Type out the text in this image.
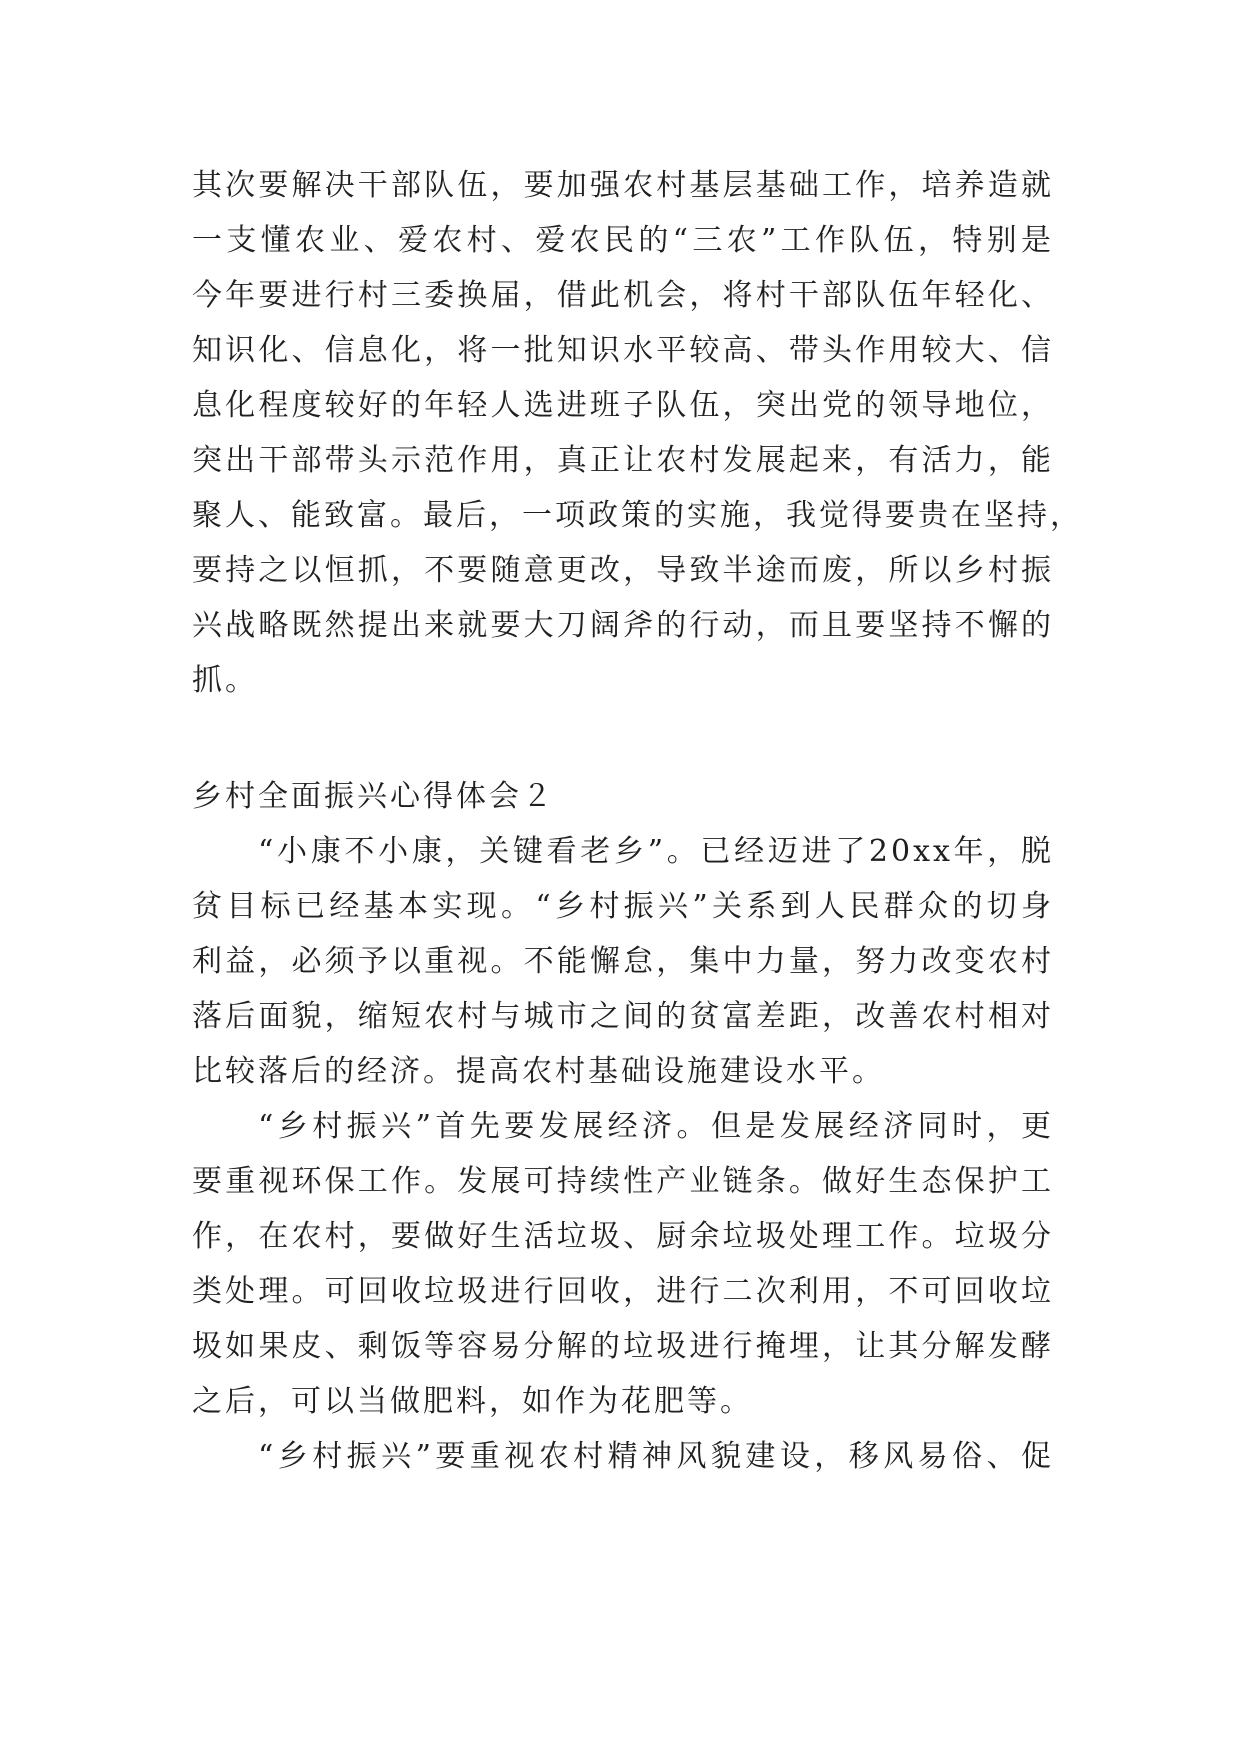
其次要解决干部队伍，要加强农村基层基础工作，培养造就
一支懂农业、爱农村、爱农民的“三农”工作队伍，特别是
今年要进行村三委换届，借此机会，将村干部队伍年轻化、
知识化、信息化，将一批知识水平较高、带头作用较大、信
息化程度较好的年轻人选进班子队伍，突出党的领导地位，
突出干部带头示范作用，真正让农村发展起来，有活力，能
聚人、能致富。最后，一项政策的实施，我觉得要贵在坚持，
要持之以恒抓，不要随意更改，导致半途而废，所以乡村振
兴战略既然提出来就要大刀阔斧的行动，而且要坚持不懈的
抓。
乡村全面振兴心得体会２
“小康不小康，关键看老乡”。已经迈进了20xx年，脱
贫目标已经基本实现。“乡村振兴”关系到人民群众的切身
利益，必须予以重视。不能懈怠，集中力量，努力改变农村
落后面貌，缩短农村与城市之间的贫富差距，改善农村相对
比较落后的经济。提高农村基础设施建设水平。
“乡村振兴”首先要发展经济。但是发展经济同时，更
要重视环保工作。发展可持续性产业链条。做好生态保护工
作，在农村，要做好生活垃圾、厨余垃圾处理工作。垃圾分
类处理。可回收垃圾进行回收，进行二次利用，不可回收垃
圾如果皮、剩饭等容易分解的垃圾进行掩埋，让其分解发酵
之后，可以当做肥料，如作为花肥等。
“乡村振兴”要重视农村精神风貌建设，移风易俗、促
